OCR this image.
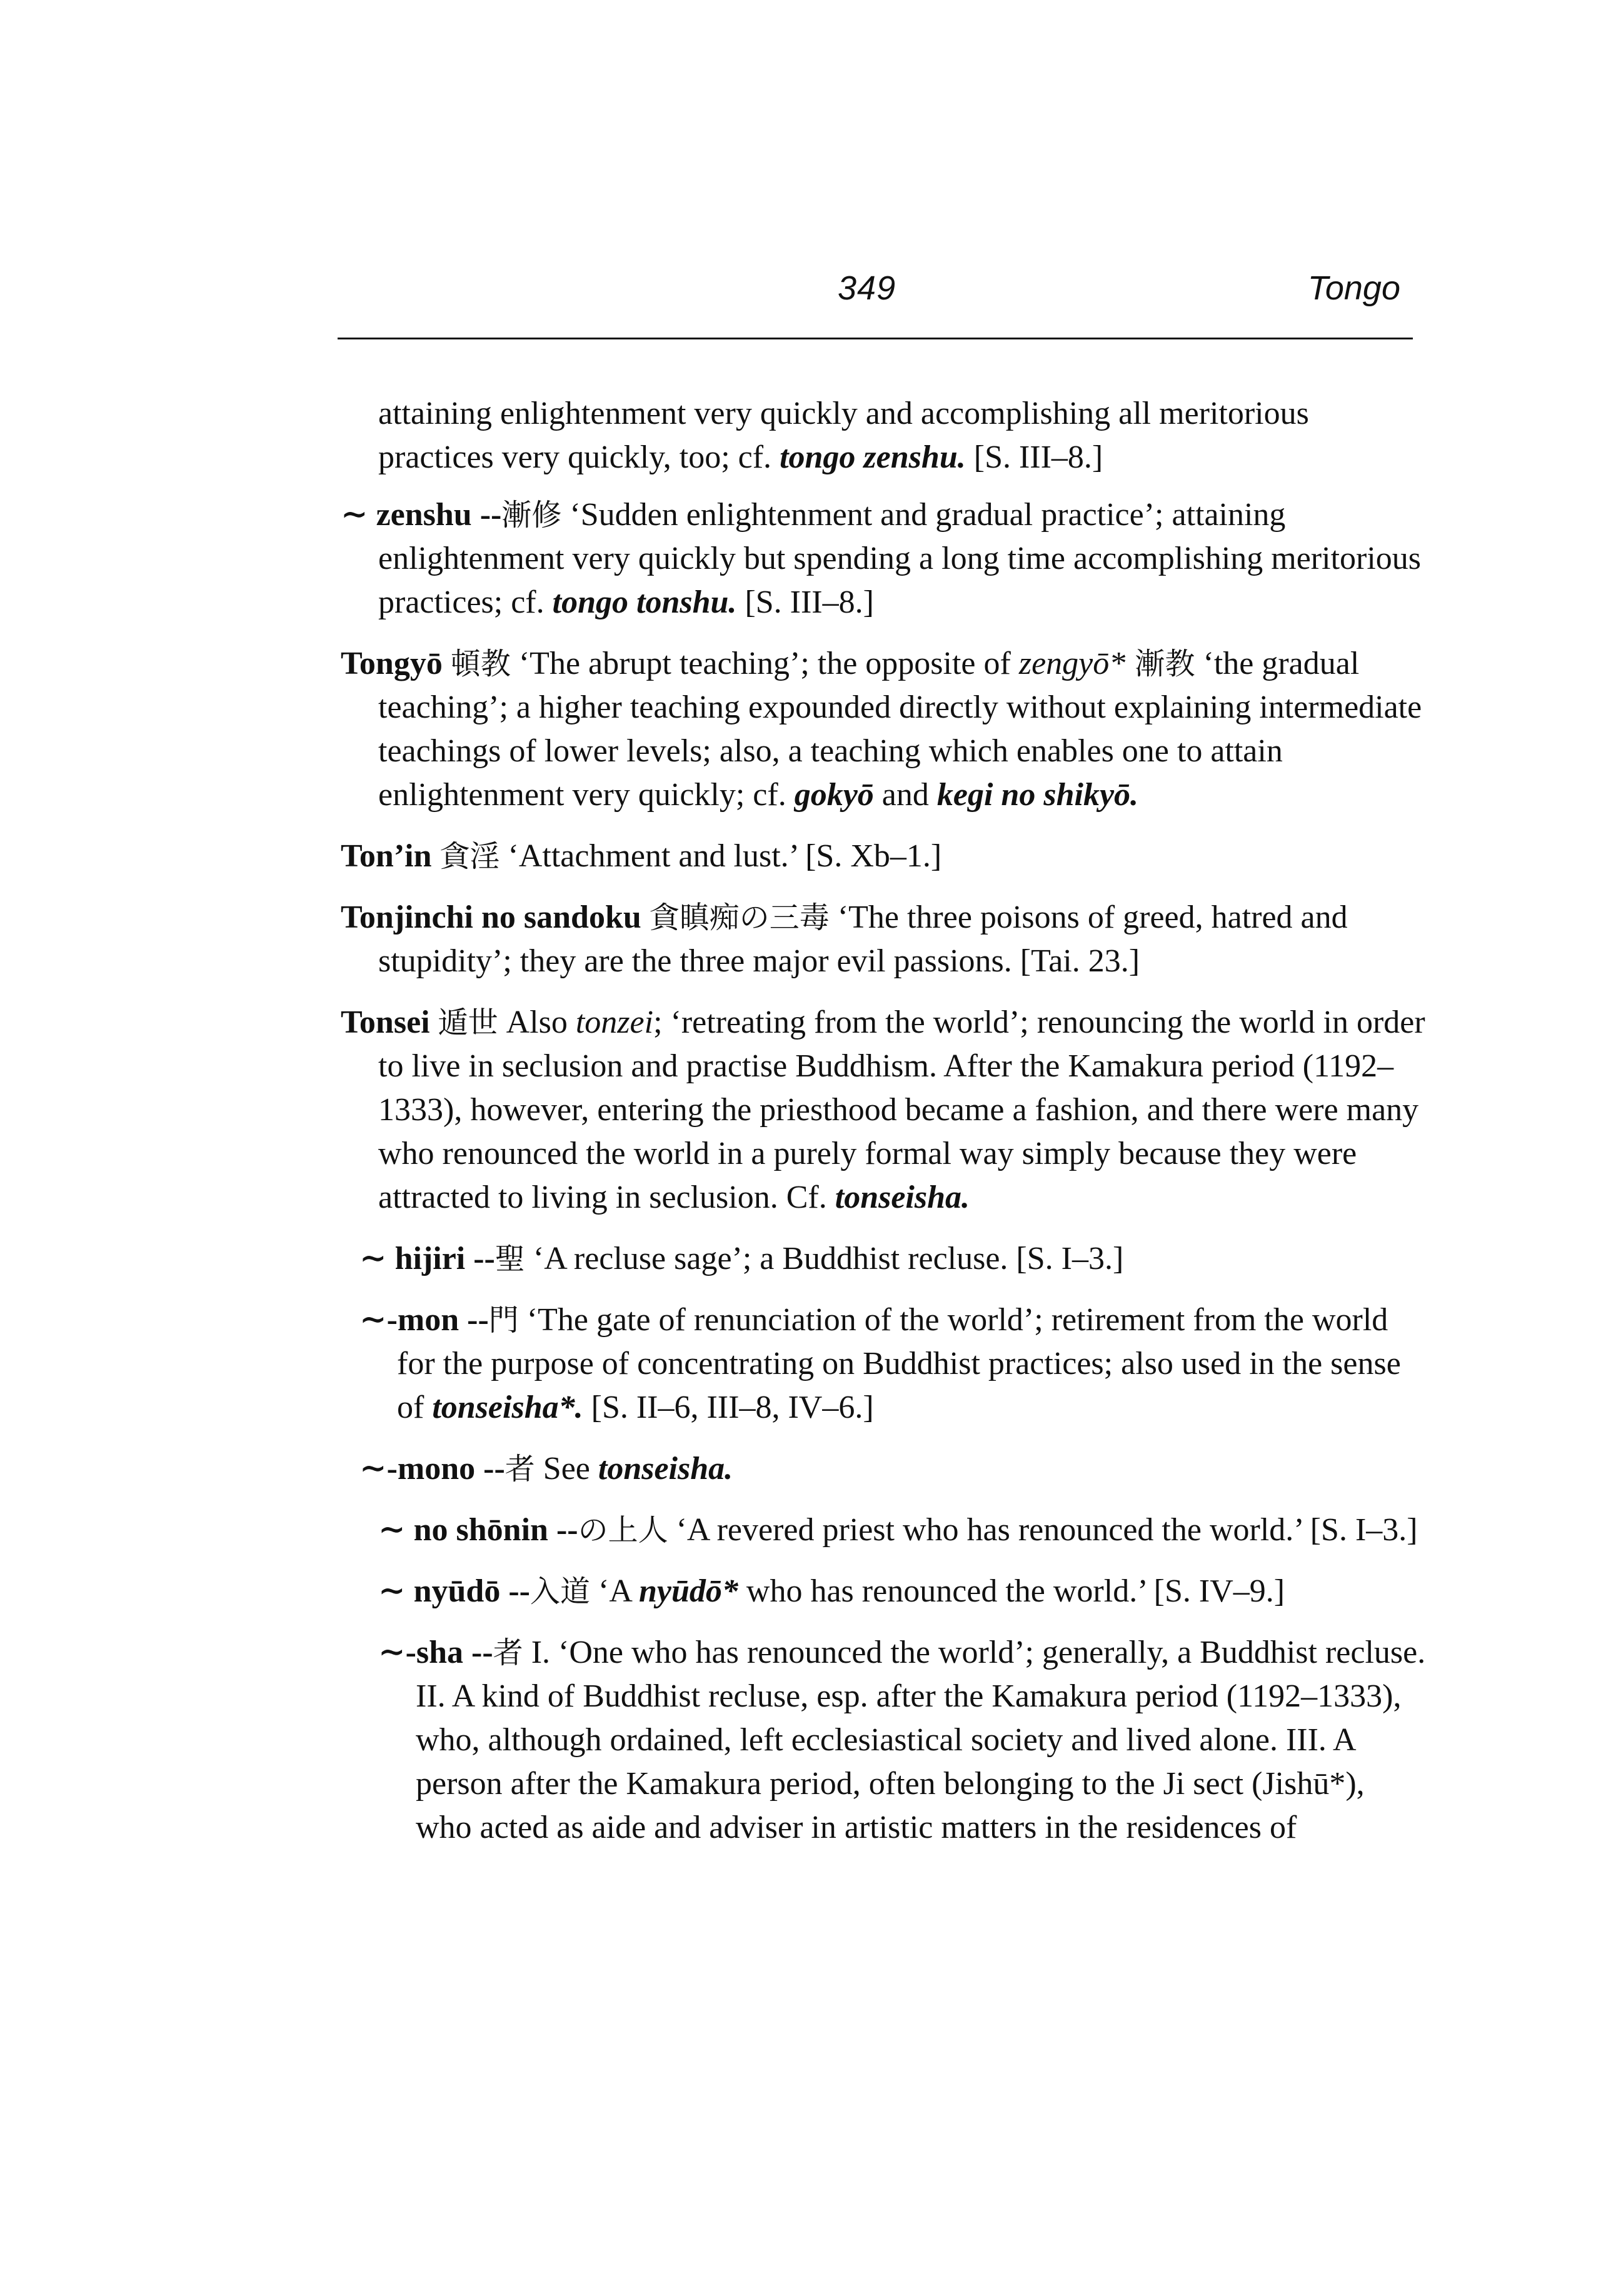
349	Tongo

attaining enlightenment very quickly and accomplishing all meritorious practices very quickly, too; cf. tongo zenshu. [S. III–8.]

∼ zenshu --漸修 ‘Sudden enlightenment and gradual practice’; attaining enlightenment very quickly but spending a long time accomplishing meritorious practices; cf. tongo tonshu. [S. III–8.]

Tongyō 頓教 ‘The abrupt teaching’; the opposite of zengyō* 漸教 ‘the gradual teaching’; a higher teaching expounded directly without explaining intermediate teachings of lower levels; also, a teaching which enables one to attain enlightenment very quickly; cf. gokyō and kegi no shikyō.

Ton’in 貪淫 ‘Attachment and lust.’ [S. Xb–1.]

Tonjinchi no sandoku 貪瞋痴の三毒 ‘The three poisons of greed, hatred and stupidity’; they are the three major evil passions. [Tai. 23.]

Tonsei 遁世 Also tonzei; ‘retreating from the world’; renouncing the world in order to live in seclusion and practise Buddhism. After the Kamakura period (1192–1333), however, entering the priesthood became a fashion, and there were many who renounced the world in a purely formal way simply because they were attracted to living in seclusion. Cf. tonseisha.

∼ hijiri --聖 ‘A recluse sage’; a Buddhist recluse. [S. I–3.]

∼-mon --門 ‘The gate of renunciation of the world’; retirement from the world for the purpose of concentrating on Buddhist practices; also used in the sense of tonseisha*. [S. II–6, III–8, IV–6.]

∼-mono --者 See tonseisha.

∼ no shōnin --の上人 ‘A revered priest who has renounced the world.’ [S. I–3.]

∼ nyūdō --入道 ‘A nyūdō* who has renounced the world.’ [S. IV–9.]

∼-sha --者 I. ‘One who has renounced the world’; generally, a Buddhist recluse. II. A kind of Buddhist recluse, esp. after the Kamakura period (1192–1333), who, although ordained, left ecclesiastical society and lived alone. III. A person after the Kamakura period, often belonging to the Ji sect (Jishū*), who acted as aide and adviser in artistic matters in the residences of
